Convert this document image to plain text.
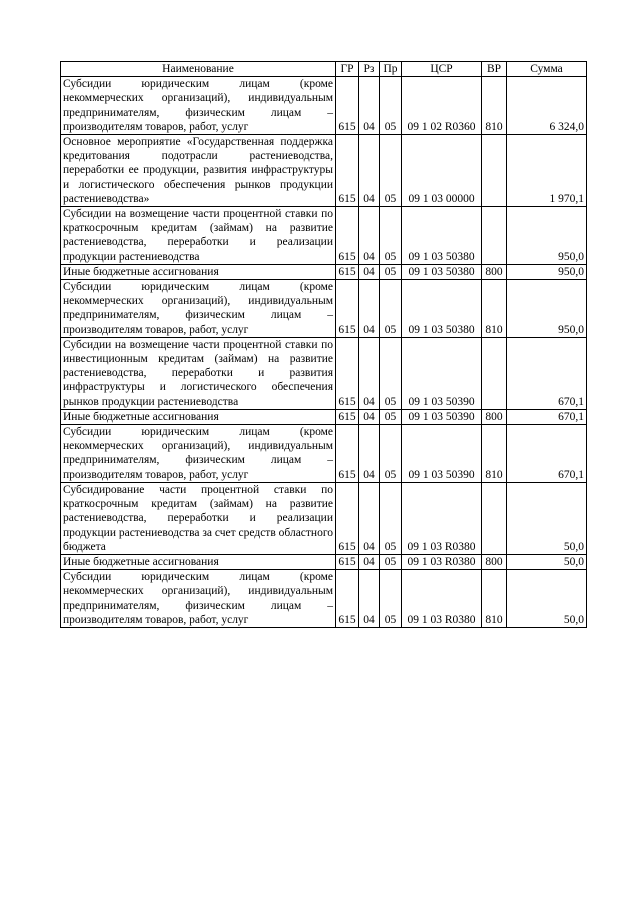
Наименование	ГР	Рз	Пр	ЦСР	ВР	Сумма
Субсидии юридическим лицам (кроме некоммерческих организаций), индивидуальным предпринимателям, физическим лицам – производителям товаров, работ, услуг	615	04	05	09 1 02 R0360	810	6 324,0
Основное мероприятие «Государственная поддержка кредитования подотрасли растениеводства, переработки ее продукции, развития инфраструктуры и логистического обеспечения рынков продукции растениеводства»	615	04	05	09 1 03 00000		1 970,1
Субсидии на возмещение части процентной ставки по краткосрочным кредитам (займам) на развитие растениеводства, переработки и реализации продукции растениеводства	615	04	05	09 1 03 50380		950,0
Иные бюджетные ассигнования	615	04	05	09 1 03 50380	800	950,0
Субсидии юридическим лицам (кроме некоммерческих организаций), индивидуальным предпринимателям, физическим лицам – производителям товаров, работ, услуг	615	04	05	09 1 03 50380	810	950,0
Субсидии на возмещение части процентной ставки по инвестиционным кредитам (займам) на развитие растениеводства, переработки и развития инфраструктуры и логистического обеспечения рынков продукции растениеводства	615	04	05	09 1 03 50390		670,1
Иные бюджетные ассигнования	615	04	05	09 1 03 50390	800	670,1
Субсидии юридическим лицам (кроме некоммерческих организаций), индивидуальным предпринимателям, физическим лицам – производителям товаров, работ, услуг	615	04	05	09 1 03 50390	810	670,1
Субсидирование части процентной ставки по краткосрочным кредитам (займам) на развитие растениеводства, переработки и реализации продукции растениеводства за счет средств областного бюджета	615	04	05	09 1 03 R0380		50,0
Иные бюджетные ассигнования	615	04	05	09 1 03 R0380	800	50,0
Субсидии юридическим лицам (кроме некоммерческих организаций), индивидуальным предпринимателям, физическим лицам – производителям товаров, работ, услуг	615	04	05	09 1 03 R0380	810	50,0
